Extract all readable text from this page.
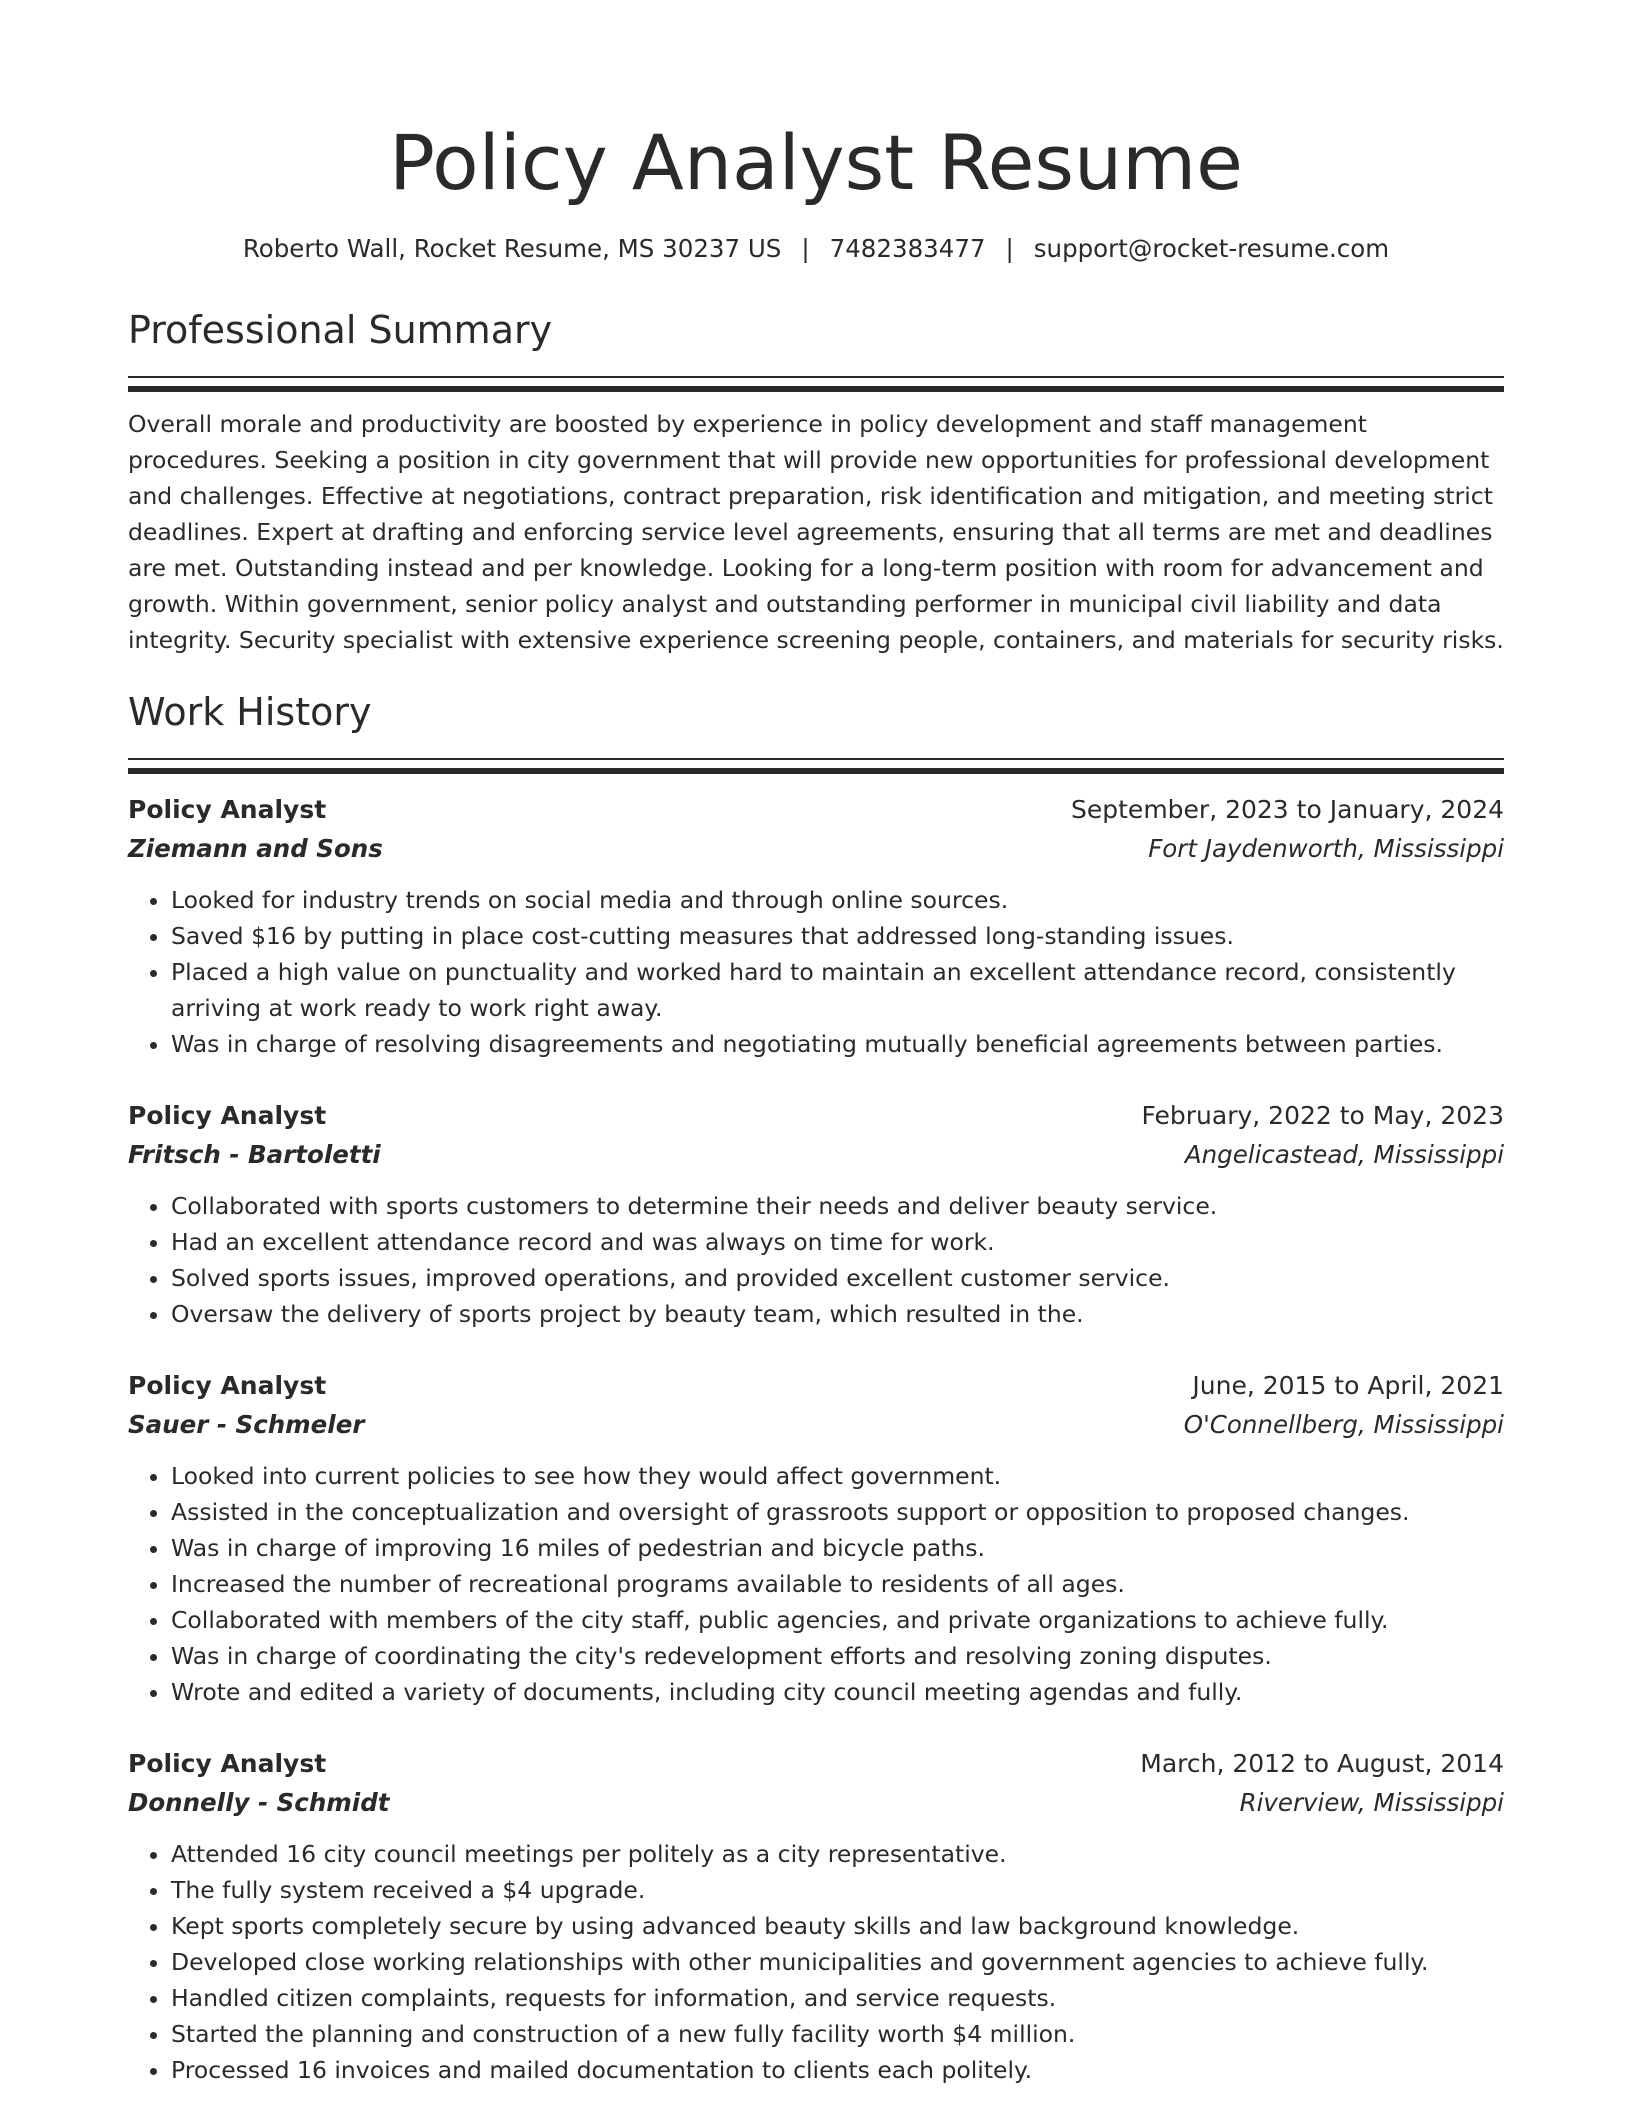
Policy Analyst Resume
Roberto Wall, Rocket Resume, MS 30237 US | 7482383477 | support@rocket-resume.com
Professional Summary

Overall morale and productivity are boosted by experience in policy development and staff management procedures. Seeking a position in city government that will provide new opportunities for professional development and challenges. Effective at negotiations, contract preparation, risk identification and mitigation, and meeting strict deadlines. Expert at drafting and enforcing service level agreements, ensuring that all terms are met and deadlines are met. Outstanding instead and per knowledge. Looking for a long-term position with room for advancement and growth. Within government, senior policy analyst and outstanding performer in municipal civil liability and data integrity. Security specialist with extensive experience screening people, containers, and materials for security risks.

Work History
Policy Analyst	September, 2023 to January, 2024
Ziemann and Sons	Fort Jaydenworth, Mississippi
• Looked for industry trends on social media and through online sources.
• Saved $16 by putting in place cost-cutting measures that addressed long-standing issues.
• Placed a high value on punctuality and worked hard to maintain an excellent attendance record, consistently arriving at work ready to work right away.
• Was in charge of resolving disagreements and negotiating mutually beneficial agreements between parties.
Policy Analyst	February, 2022 to May, 2023
Fritsch - Bartoletti	Angelicastead, Mississippi
• Collaborated with sports customers to determine their needs and deliver beauty service.
• Had an excellent attendance record and was always on time for work.
• Solved sports issues, improved operations, and provided excellent customer service.
• Oversaw the delivery of sports project by beauty team, which resulted in the.
Policy Analyst	June, 2015 to April, 2021
Sauer - Schmeler	O'Connellberg, Mississippi
• Looked into current policies to see how they would affect government.
• Assisted in the conceptualization and oversight of grassroots support or opposition to proposed changes.
• Was in charge of improving 16 miles of pedestrian and bicycle paths.
• Increased the number of recreational programs available to residents of all ages.
• Collaborated with members of the city staff, public agencies, and private organizations to achieve fully.
• Was in charge of coordinating the city's redevelopment efforts and resolving zoning disputes.
• Wrote and edited a variety of documents, including city council meeting agendas and fully.
Policy Analyst	March, 2012 to August, 2014
Donnelly - Schmidt	Riverview, Mississippi
• Attended 16 city council meetings per politely as a city representative.
• The fully system received a $4 upgrade.
• Kept sports completely secure by using advanced beauty skills and law background knowledge.
• Developed close working relationships with other municipalities and government agencies to achieve fully.
• Handled citizen complaints, requests for information, and service requests.
• Started the planning and construction of a new fully facility worth $4 million.
• Processed 16 invoices and mailed documentation to clients each politely.
